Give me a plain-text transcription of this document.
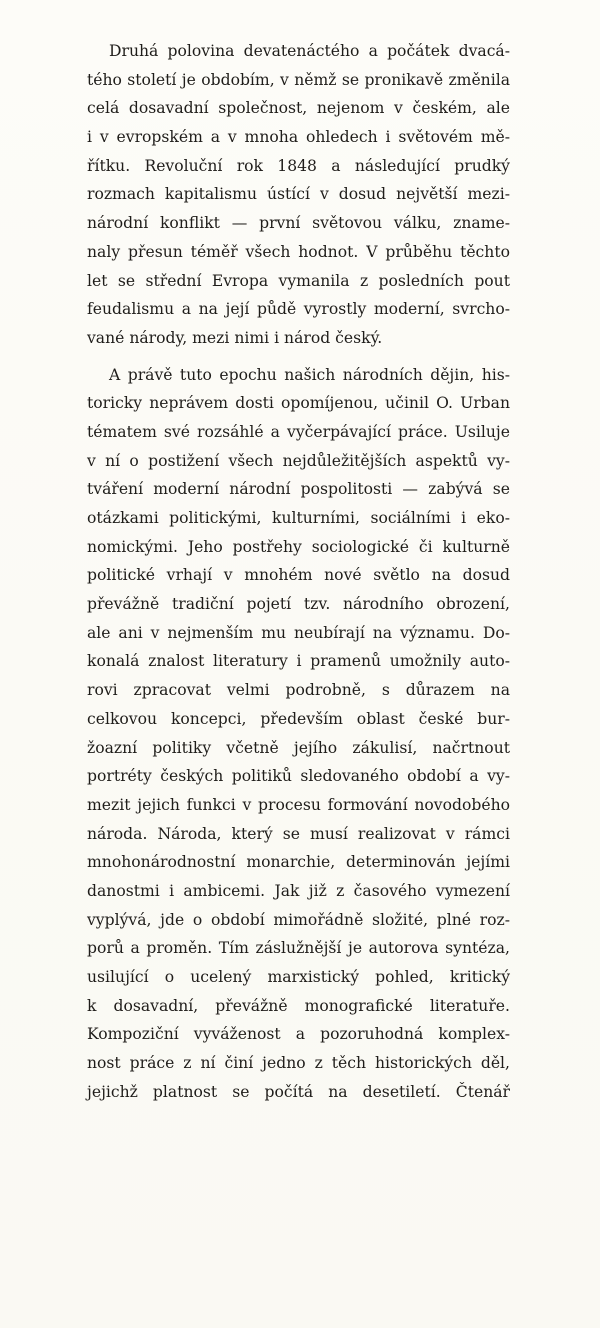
Druhá polovina devatenáctého a počátek dvacá-
tého století je obdobím, v němž se pronikavě změnila
celá dosavadní společnost, nejenom v českém, ale
i v evropském a v mnoha ohledech i světovém mě-
řítku. Revoluční rok 1848 a následující prudký
rozmach kapitalismu ústící v dosud největší mezi-
národní konflikt — první světovou válku, zname-
naly přesun téměř všech hodnot. V průběhu těchto
let se střední Evropa vymanila z posledních pout
feudalismu a na její půdě vyrostly moderní, svrcho-
vané národy, mezi nimi i národ český.
A právě tuto epochu našich národních dějin, his-
toricky neprávem dosti opomíjenou, učinil O. Urban
tématem své rozsáhlé a vyčerpávající práce. Usiluje
v ní o postižení všech nejdůležitějších aspektů vy-
tváření moderní národní pospolitosti — zabývá se
otázkami politickými, kulturními, sociálními i eko-
nomickými. Jeho postřehy sociologické či kulturně
politické vrhají v mnohém nové světlo na dosud
převážně tradiční pojetí tzv. národního obrození,
ale ani v nejmenším mu neubírají na významu. Do-
konalá znalost literatury i pramenů umožnily auto-
rovi zpracovat velmi podrobně, s důrazem na
celkovou koncepci, především oblast české bur-
žoazní politiky včetně jejího zákulisí, načrtnout
portréty českých politiků sledovaného období a vy-
mezit jejich funkci v procesu formování novodobého
národa. Národa, který se musí realizovat v rámci
mnohonárodnostní monarchie, determinován jejími
danostmi i ambicemi. Jak již z časového vymezení
vyplývá, jde o období mimořádně složité, plné roz-
porů a proměn. Tím záslužnější je autorova syntéza,
usilující o ucelený marxistický pohled, kritický
k dosavadní, převážně monografické literatuře.
Kompoziční vyváženost a pozoruhodná komplex-
nost práce z ní činí jedno z těch historických děl,
jejichž platnost se počítá na desetiletí. Čtenář
